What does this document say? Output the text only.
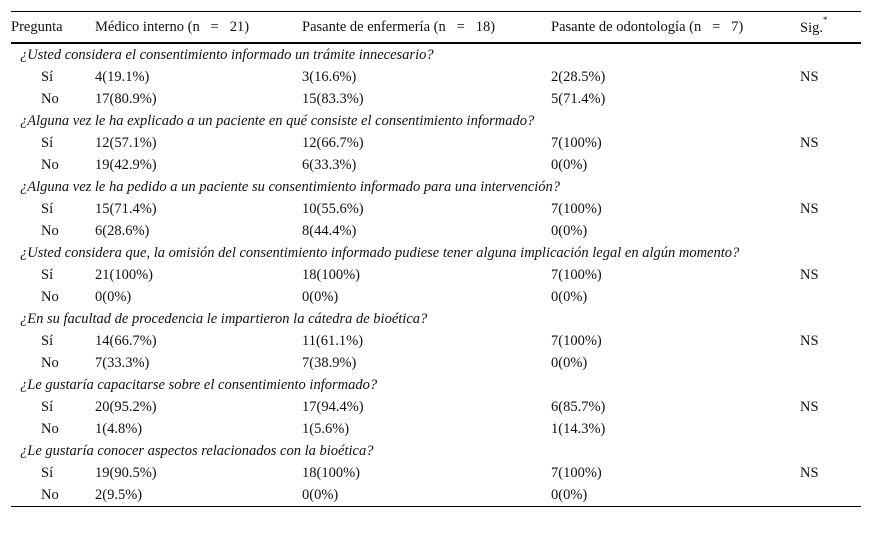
Pregunta	Médico interno (n = 21)	Pasante de enfermería (n = 18)	Pasante de odontología (n = 7)	Sig.*
¿Usted considera el consentimiento informado un trámite innecesario?				
Sí	4(19.1%)	3(16.6%)	2(28.5%)	NS
No	17(80.9%)	15(83.3%)	5(71.4%)	
¿Alguna vez le ha explicado a un paciente en qué consiste el consentimiento informado?				
Sí	12(57.1%)	12(66.7%)	7(100%)	NS
No	19(42.9%)	6(33.3%)	0(0%)	
¿Alguna vez le ha pedido a un paciente su consentimiento informado para una intervención?				
Sí	15(71.4%)	10(55.6%)	7(100%)	NS
No	6(28.6%)	8(44.4%)	0(0%)	
¿Usted considera que, la omisión del consentimiento informado pudiese tener alguna implicación legal en algún momento?				
Sí	21(100%)	18(100%)	7(100%)	NS
No	0(0%)	0(0%)	0(0%)	
¿En su facultad de procedencia le impartieron la cátedra de bioética?				
Sí	14(66.7%)	11(61.1%)	7(100%)	NS
No	7(33.3%)	7(38.9%)	0(0%)	
¿Le gustaría capacitarse sobre el consentimiento informado?				
Sí	20(95.2%)	17(94.4%)	6(85.7%)	NS
No	1(4.8%)	1(5.6%)	1(14.3%)	
¿Le gustaría conocer aspectos relacionados con la bioética?				
Sí	19(90.5%)	18(100%)	7(100%)	NS
No	2(9.5%)	0(0%)	0(0%)	
